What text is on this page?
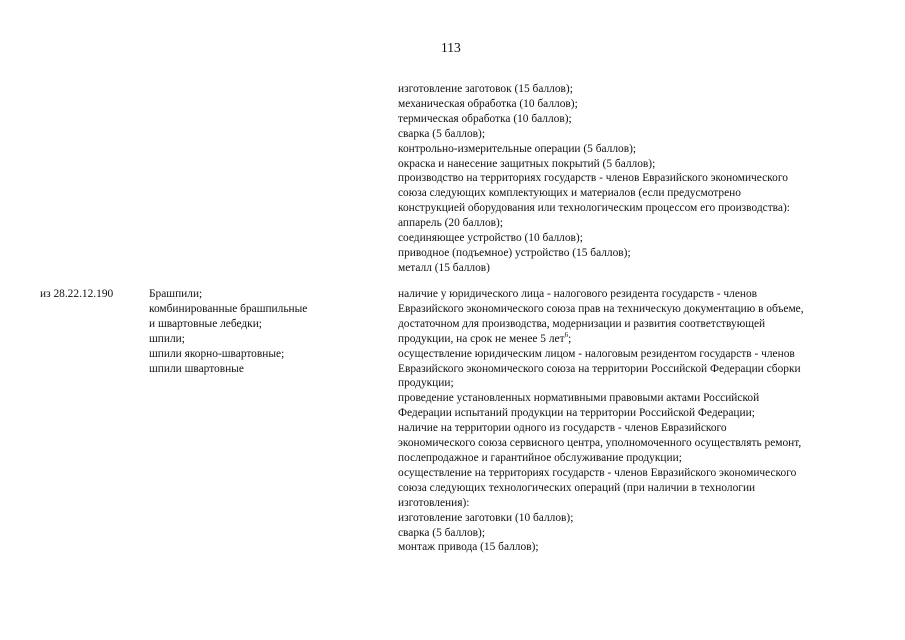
113
изготовление заготовок (15 баллов);
механическая обработка (10 баллов);
термическая обработка (10 баллов);
сварка (5 баллов);
контрольно-измерительные операции (5 баллов);
окраска и нанесение защитных покрытий (5 баллов);
производство на территориях государств - членов Евразийского экономического
союза следующих комплектующих и материалов (если предусмотрено
конструкцией оборудования или технологическим процессом его производства):
аппарель (20 баллов);
соединяющее устройство (10 баллов);
приводное (подъемное) устройство (15 баллов);
металл (15 баллов)
из 28.22.12.190	Брашпили;
комбинированные брашпильные
и швартовные лебедки;
шпили;
шпили якорно-швартовные;
шпили швартовные
наличие у юридического лица - налогового резидента государств - членов
Евразийского экономического союза прав на техническую документацию в объеме,
достаточном для производства, модернизации и развития соответствующей
продукции, на срок не менее 5 лет$^6$;
осуществление юридическим лицом - налоговым резидентом государств - членов
Евразийского экономического союза на территории Российской Федерации сборки
продукции;
проведение установленных нормативными правовыми актами Российской
Федерации испытаний продукции на территории Российской Федерации;
наличие на территории одного из государств - членов Евразийского
экономического союза сервисного центра, уполномоченного осуществлять ремонт,
послепродажное и гарантийное обслуживание продукции;
осуществление на территориях государств - членов Евразийского экономического
союза следующих технологических операций (при наличии в технологии
изготовления):
изготовление заготовки (10 баллов);
сварка (5 баллов);
монтаж привода (15 баллов);
